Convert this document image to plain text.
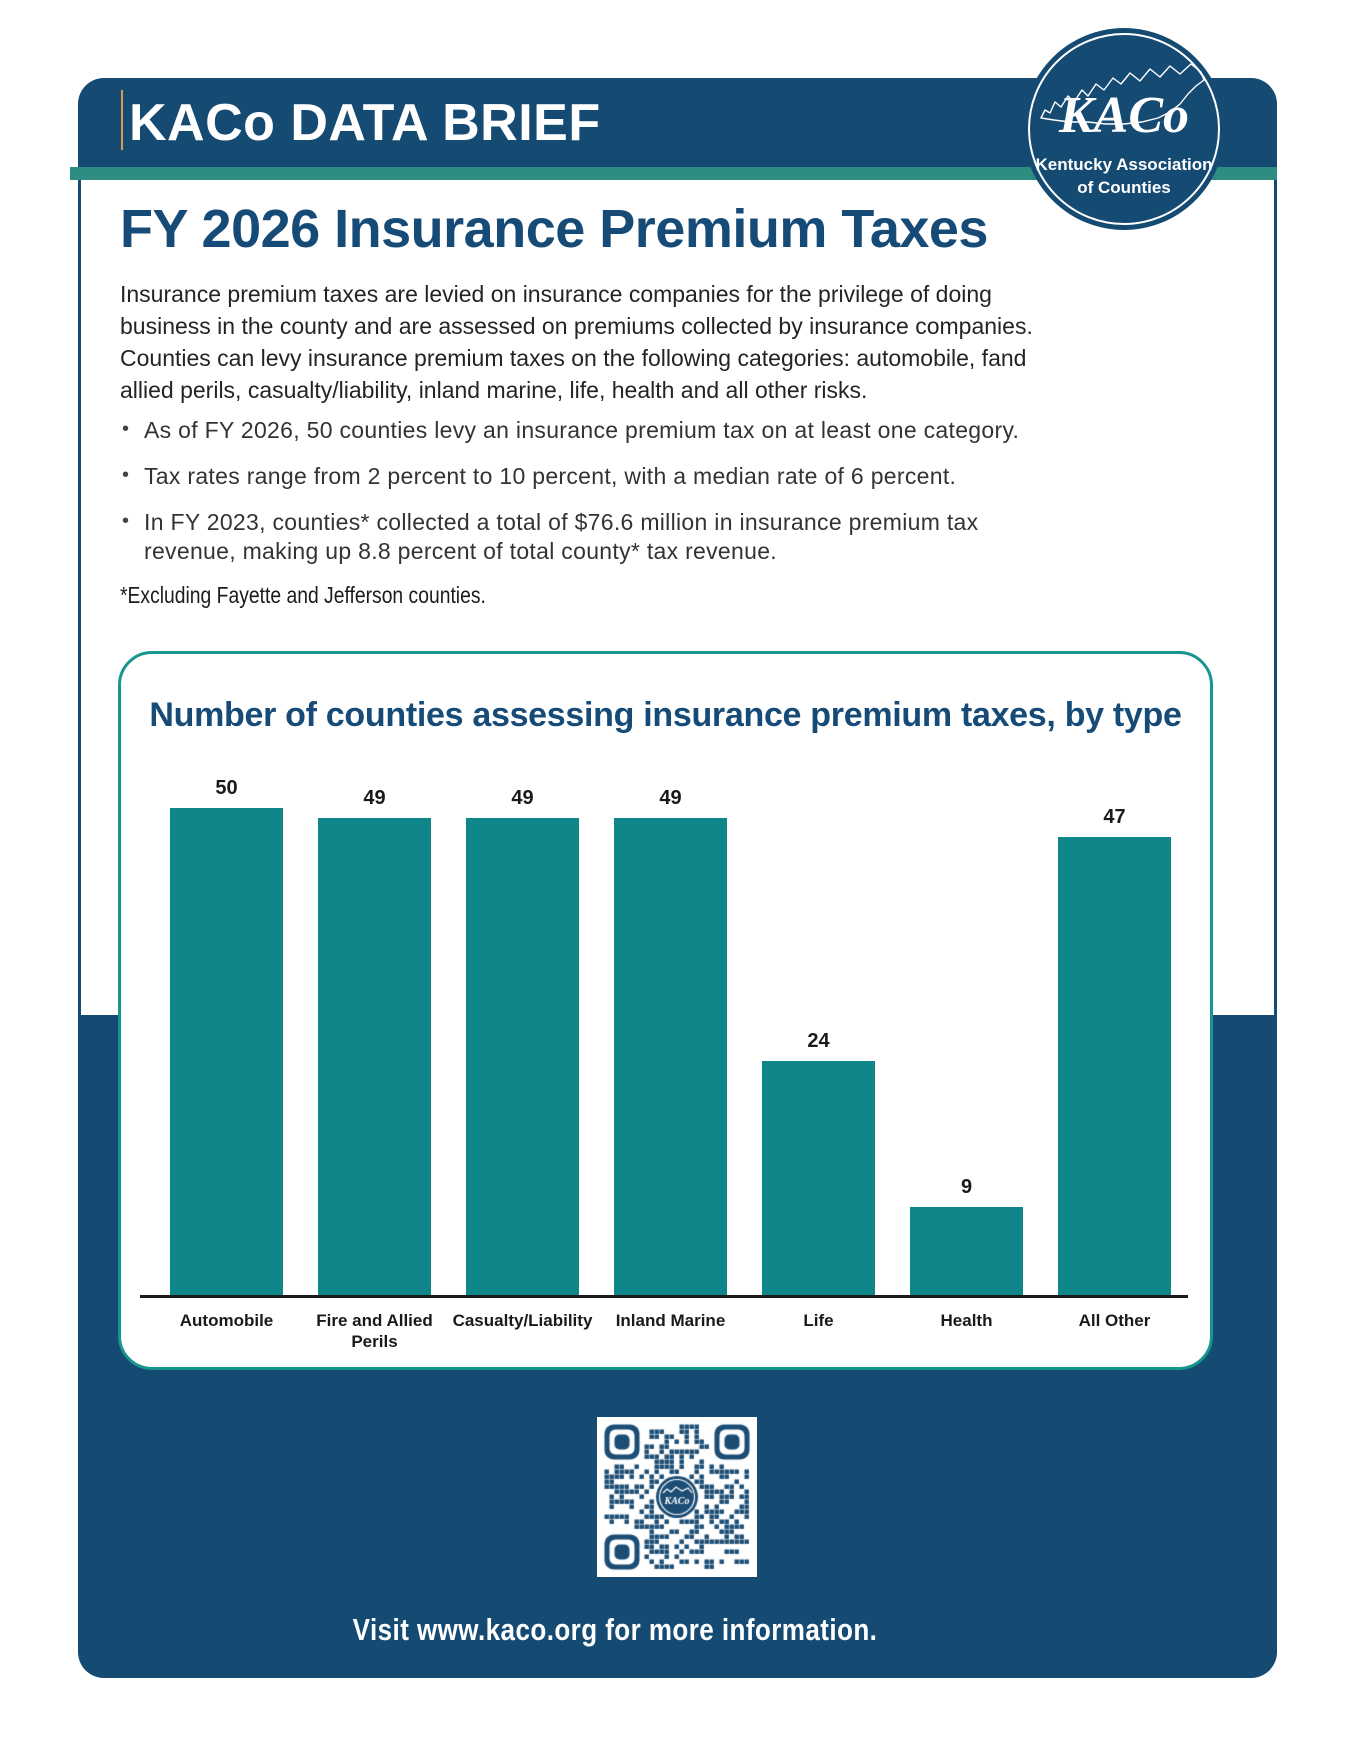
KACo DATA BRIEF	KACo
Kentucky Association
of Counties
FY 2026 Insurance Premium Taxes
Insurance premium taxes are levied on insurance companies for the privilege of doing
business in the county and are assessed on premiums collected by insurance companies.
Counties can levy insurance premium taxes on the following categories: automobile, fand
allied perils, casualty/liability, inland marine, life, health and all other risks.
• As of FY 2026, 50 counties levy an insurance premium tax on at least one category.
• Tax rates range from 2 percent to 10 percent, with a median rate of 6 percent.
• In FY 2023, counties* collected a total of $76.6 million in insurance premium tax
revenue, making up 8.8 percent of total county* tax revenue.
*Excluding Fayette and Jefferson counties.
Number of counties assessing insurance premium taxes, by type
50	49	49	49
24
9
47
Automobile	Fire and Allied Perils
Casualty/Liability	Inland Marine	Life	Health	All Other
Visit www.kaco.org for more information.
